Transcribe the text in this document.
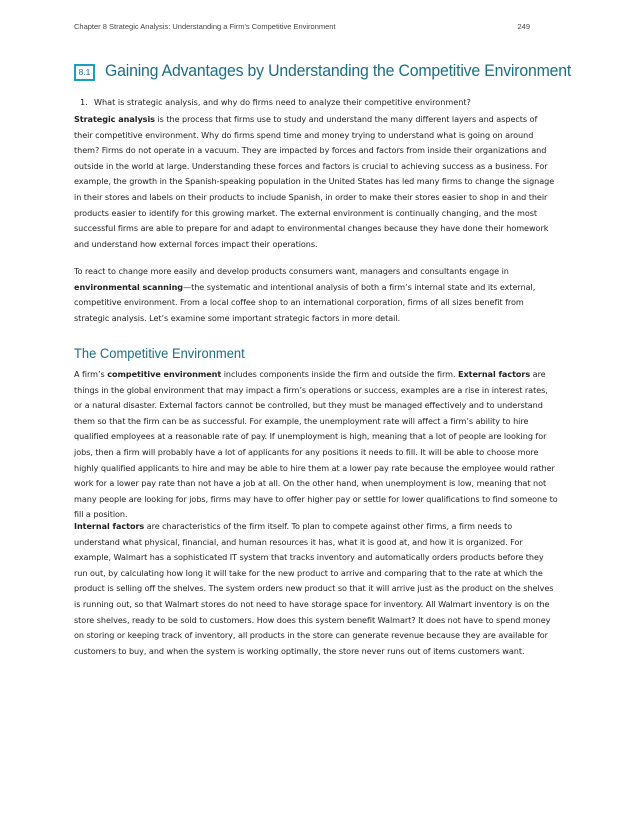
Chapter 8 Strategic Analysis: Understanding a Firm's Competitive Environment	249
8.1 Gaining Advantages by Understanding the Competitive Environment
1. What is strategic analysis, and why do firms need to analyze their competitive environment?

Strategic analysis is the process that firms use to study and understand the many different layers and aspects of their competitive environment. Why do firms spend time and money trying to understand what is going on around them? Firms do not operate in a vacuum. They are impacted by forces and factors from inside their organizations and outside in the world at large. Understanding these forces and factors is crucial to achieving success as a business. For example, the growth in the Spanish-speaking population in the United States has led many firms to change the signage in their stores and labels on their products to include Spanish, in order to make their stores easier to shop in and their products easier to identify for this growing market. The external environment is continually changing, and the most successful firms are able to prepare for and adapt to environmental changes because they have done their homework and understand how external forces impact their operations.

To react to change more easily and develop products consumers want, managers and consultants engage in environmental scanning—the systematic and intentional analysis of both a firm’s internal state and its external, competitive environment. From a local coffee shop to an international corporation, firms of all sizes benefit from strategic analysis. Let’s examine some important strategic factors in more detail.

The Competitive Environment

A firm’s competitive environment includes components inside the firm and outside the firm. External factors are things in the global environment that may impact a firm’s operations or success, examples are a rise in interest rates, or a natural disaster. External factors cannot be controlled, but they must be managed effectively and to understand them so that the firm can be as successful. For example, the unemployment rate will affect a firm’s ability to hire qualified employees at a reasonable rate of pay. If unemployment is high, meaning that a lot of people are looking for jobs, then a firm will probably have a lot of applicants for any positions it needs to fill. It will be able to choose more highly qualified applicants to hire and may be able to hire them at a lower pay rate because the employee would rather work for a lower pay rate than not have a job at all. On the other hand, when unemployment is low, meaning that not many people are looking for jobs, firms may have to offer higher pay or settle for lower qualifications to find someone to fill a position.

Internal factors are characteristics of the firm itself. To plan to compete against other firms, a firm needs to understand what physical, financial, and human resources it has, what it is good at, and how it is organized. For example, Walmart has a sophisticated IT system that tracks inventory and automatically orders products before they run out, by calculating how long it will take for the new product to arrive and comparing that to the rate at which the product is selling off the shelves. The system orders new product so that it will arrive just as the product on the shelves is running out, so that Walmart stores do not need to have storage space for inventory. All Walmart inventory is on the store shelves, ready to be sold to customers. How does this system benefit Walmart? It does not have to spend money on storing or keeping track of inventory, all products in the store can generate revenue because they are available for customers to buy, and when the system is working optimally, the store never runs out of items customers want.
